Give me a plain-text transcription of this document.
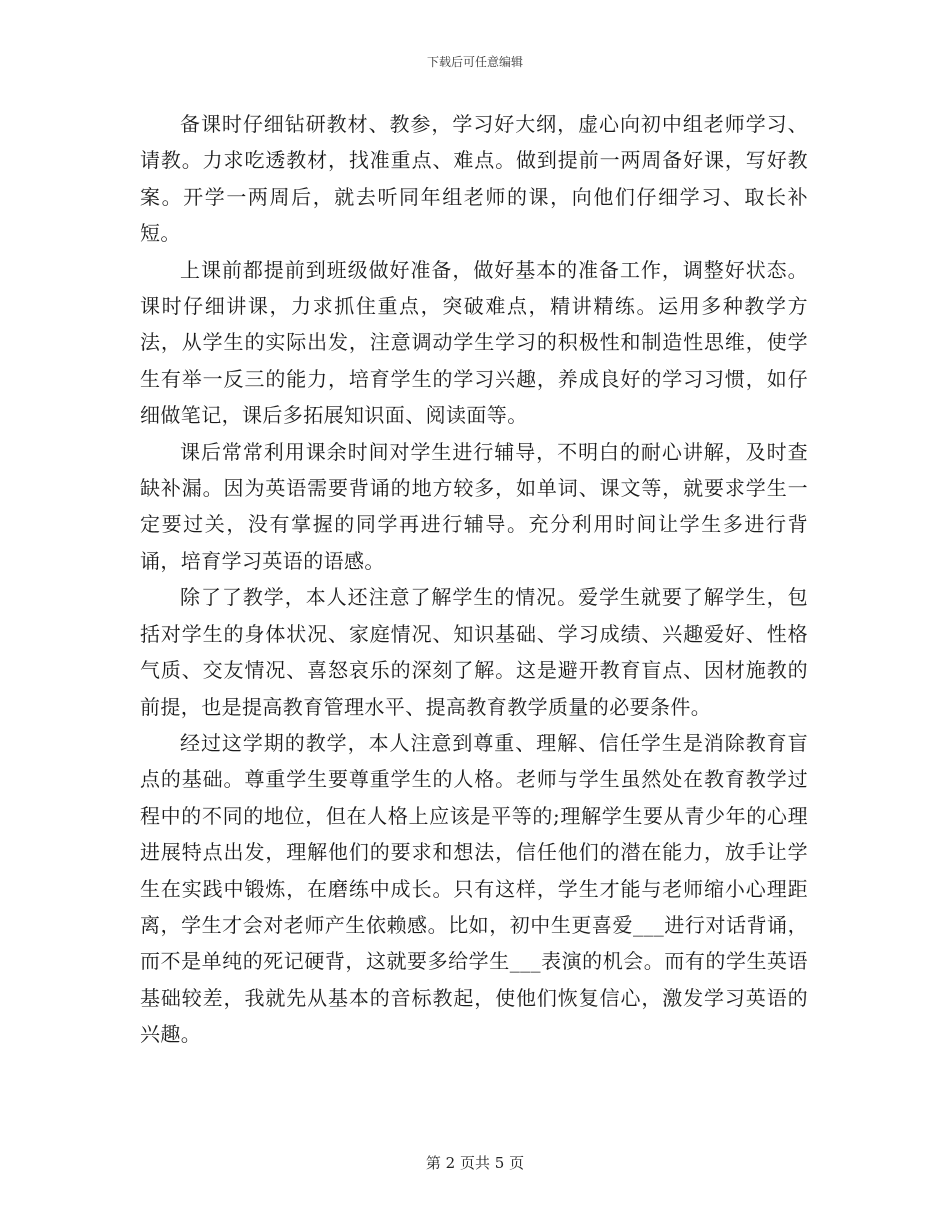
下载后可任意编辑

备课时仔细钻研教材、教参，学习好大纲，虚心向初中组老师学习、请教。力求吃透教材，找准重点、难点。做到提前一两周备好课，写好教案。开学一两周后，就去听同年组老师的课，向他们仔细学习、取长补短。

上课前都提前到班级做好准备，做好基本的准备工作，调整好状态。课时仔细讲课，力求抓住重点，突破难点，精讲精练。运用多种教学方法，从学生的实际出发，注意调动学生学习的积极性和制造性思维，使学生有举一反三的能力，培育学生的学习兴趣，养成良好的学习习惯，如仔细做笔记，课后多拓展知识面、阅读面等。

课后常常利用课余时间对学生进行辅导，不明白的耐心讲解，及时查缺补漏。因为英语需要背诵的地方较多，如单词、课文等，就要求学生一定要过关，没有掌握的同学再进行辅导。充分利用时间让学生多进行背诵，培育学习英语的语感。

除了了教学，本人还注意了解学生的情况。爱学生就要了解学生，包括对学生的身体状况、家庭情况、知识基础、学习成绩、兴趣爱好、性格气质、交友情况、喜怒哀乐的深刻了解。这是避开教育盲点、因材施教的前提，也是提高教育管理水平、提高教育教学质量的必要条件。

经过这学期的教学，本人注意到尊重、理解、信任学生是消除教育盲点的基础。尊重学生要尊重学生的人格。老师与学生虽然处在教育教学过程中的不同的地位，但在人格上应该是平等的;理解学生要从青少年的心理进展特点出发，理解他们的要求和想法，信任他们的潜在能力，放手让学生在实践中锻炼，在磨练中成长。只有这样，学生才能与老师缩小心理距离，学生才会对老师产生依赖感。比如，初中生更喜爱___进行对话背诵，而不是单纯的死记硬背，这就要多给学生___表演的机会。而有的学生英语基础较差，我就先从基本的音标教起，使他们恢复信心，激发学习英语的兴趣。

第 2 页共 5 页
